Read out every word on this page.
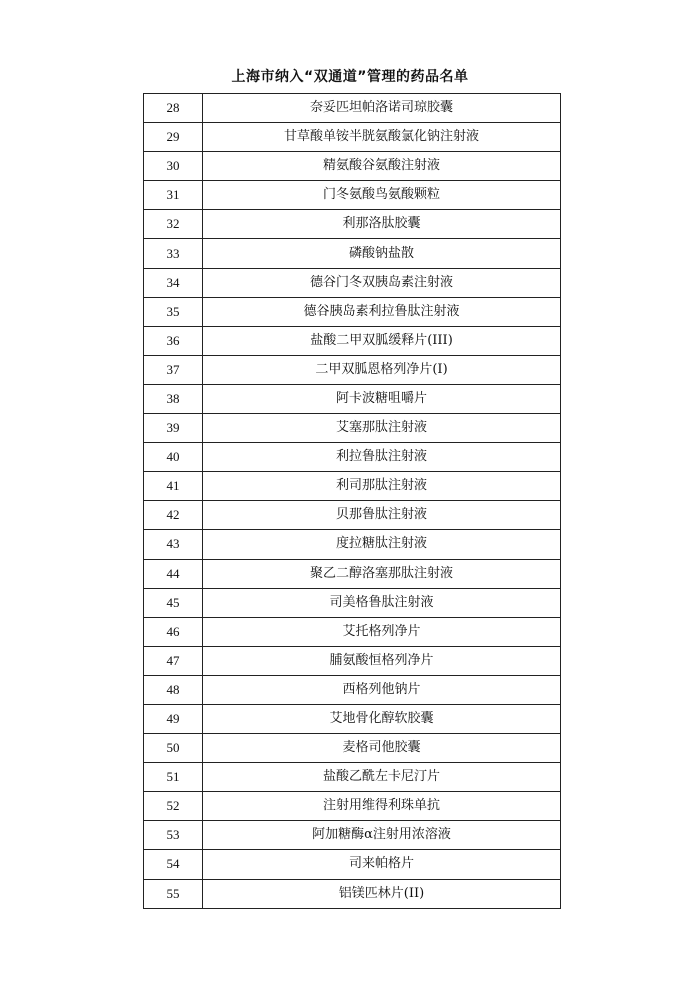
上海市纳入“双通道”管理的药品名单
28	奈妥匹坦帕洛诺司琼胶囊
29	甘草酸单铵半胱氨酸氯化钠注射液
30	精氨酸谷氨酸注射液
31	门冬氨酸鸟氨酸颗粒
32	利那洛肽胶囊
33	磷酸钠盐散
34	德谷门冬双胰岛素注射液
35	德谷胰岛素利拉鲁肽注射液
36	盐酸二甲双胍缓释片(III)
37	二甲双胍恩格列净片(Ⅰ)
38	阿卡波糖咀嚼片
39	艾塞那肽注射液
40	利拉鲁肽注射液
41	利司那肽注射液
42	贝那鲁肽注射液
43	度拉糖肽注射液
44	聚乙二醇洛塞那肽注射液
45	司美格鲁肽注射液
46	艾托格列净片
47	脯氨酸恒格列净片
48	西格列他钠片
49	艾地骨化醇软胶囊
50	麦格司他胶囊
51	盐酸乙酰左卡尼汀片
52	注射用维得利珠单抗
53	阿加糖酶α注射用浓溶液
54	司来帕格片
55	铝镁匹林片(II)
